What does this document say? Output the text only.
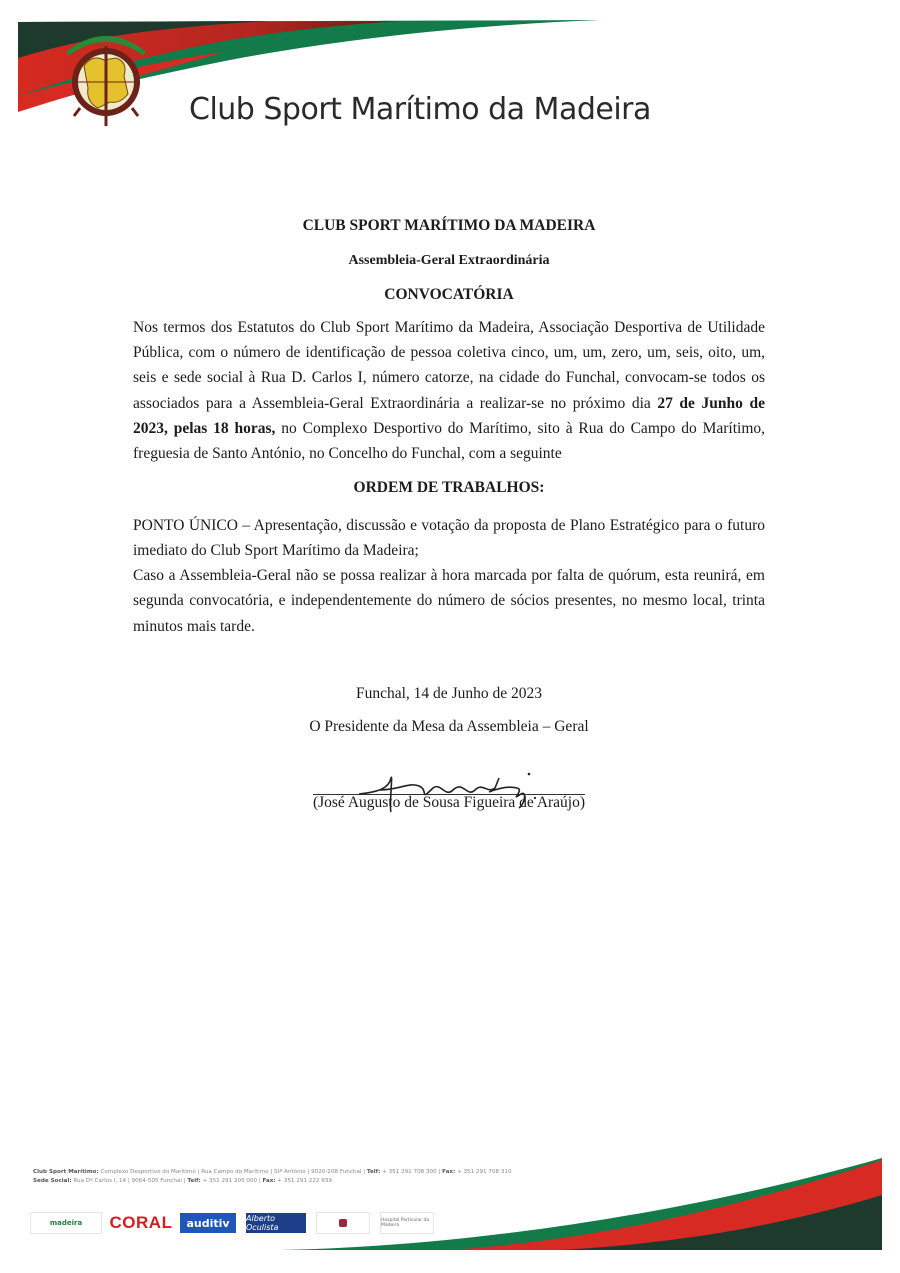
Club Sport Marítimo da Madeira

CLUB SPORT MARÍTIMO DA MADEIRA

Assembleia-Geral Extraordinária

CONVOCATÓRIA

Nos termos dos Estatutos do Club Sport Marítimo da Madeira, Associação Desportiva de Utilidade Pública, com o número de identificação de pessoa coletiva cinco, um, um, zero, um, seis, oito, um, seis e sede social à Rua D. Carlos I, número catorze, na cidade do Funchal, convocam-se todos os associados para a Assembleia-Geral Extraordinária a realizar-se no próximo dia 27 de Junho de 2023, pelas 18 horas, no Complexo Desportivo do Marítimo, sito à Rua do Campo do Marítimo, freguesia de Santo António, no Concelho do Funchal, com a seguinte

ORDEM DE TRABALHOS:

PONTO ÚNICO – Apresentação, discussão e votação da proposta de Plano Estratégico para o futuro imediato do Club Sport Marítimo da Madeira;

Caso a Assembleia-Geral não se possa realizar à hora marcada por falta de quórum, esta reunirá, em segunda convocatória, e independentemente do número de sócios presentes, no mesmo local, trinta minutos mais tarde.

Funchal, 14 de Junho de 2023

O Presidente da Mesa da Assembleia – Geral

(José Augusto de Sousa Figueira de Araújo)
Club Sport Marítimo: Complexo Desportivo do Marítimo | Rua Campo do Marítimo | Stº António | 9020-208 Funchal | Telf: + 351 291 708 300 | Fax: + 351 291 708 310
Sede Social: Rua Dº Carlos I, 14 | 9064-505 Funchal | Telf: + 351 291 205 000 | Fax: + 351 291 222 939
madeira	CORAL	auditiv	Alberto Oculista
Hospital Particular da Madeira
